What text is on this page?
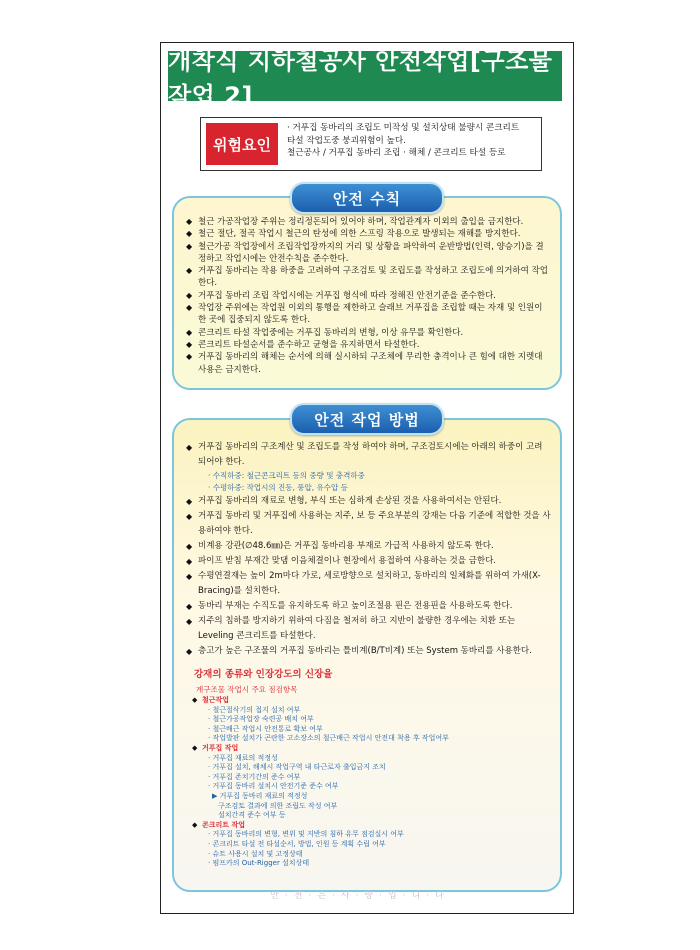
개착식 지하철공사 안전작업[구조물 작업 2]
위험요인
· 거푸집 동바리의 조립도 미작성 및 설치상태 불량시 콘크리트
타설 작업도중 붕괴위험이 높다.
철근공사 / 거푸집 동바리 조립 · 해체 / 콘크리트 타설 등로
◆ 철근 가공작업장 주위는 정리정돈되어 있어야 하며, 작업관계자 이외의 출입을 금지한다.
◆ 철근 절단, 절곡 작업시 철근의 탄성에 의한 스프링 작용으로 발생되는 재해를 방지한다.
◆ 철근가공 작업장에서 조립작업장까지의 거리 및 상황을 파악하여 운반방법(인력, 양승기)을 결정하고 작업시에는 안전수칙을 준수한다.
◆ 거푸집 동바리는 작용 하중을 고려하여 구조검토 및 조립도를 작성하고 조립도에 의거하여 작업한다.
◆ 거푸집 동바리 조립 작업시에는 거푸집 형식에 따라 정해진 안전기준을 준수한다.
◆ 작업장 주위에는 작업원 이외의 통행을 제한하고 슬래브 거푸집을 조립할 때는 자재 및 인원이 한 곳에 집중되지 않도록 한다.
◆ 콘크리트 타설 작업중에는 거푸집 동바리의 변형, 이상 유무를 확인한다.
◆ 콘크리트 타설순서를 준수하고 균형을 유지하면서 타설한다.
◆ 거푸집 동바리의 해체는 순서에 의해 실시하되 구조체에 무리한 충격이나 큰 힘에 대한 지렛대 사용은 금지한다.
안전 수칙
◆ 거푸집 동바리의 구조계산 및 조립도를 작성 하여야 하며, 구조검토시에는 아래의 하중이 고려 되어야 한다.
· 수직하중: 철근콘크리트 등의 중량 및 충격하중
· 수평하중: 작업시의 진동, 풍압, 유수압 등
◆ 거푸집 동바리의 재료로 변형, 부식 또는 심하게 손상된 것을 사용하여서는 안된다.
◆ 거푸집 동바리 및 거푸집에 사용하는 지주, 보 등 주요부분의 강재는 다음 기준에 적합한 것을 사용하여야 한다.
◆ 비계용 강관(∅48.6㎜)은 거푸집 동바리용 부재로 가급적 사용하지 않도록 한다.
◆ 파이프 받침 부재간 맞댐 이음체결이나 현장에서 용접하여 사용하는 것을 금한다.
◆ 수평연결재는 높이 2m마다 가로, 세로방향으로 설치하고, 동바리의 일체화를 위하여 가새(X-Bracing)를 설치한다.
◆ 동바리 부재는 수직도를 유지하도록 하고 높이조절용 핀은 전용핀을 사용하도록 한다.
◆ 지주의 침하를 방지하기 위하여 다짐을 철저히 하고 지반이 불량한 경우에는 치환 또는 Leveling 콘크리트를 타설한다.
◆ 층고가 높은 구조물의 거푸집 동바리는 틀비계(B/T비계) 또는 System 동바리를 사용한다.
강재의 종류와 인장강도의 신장율
계구조물 작업시 주요 점검항목
◆ 철근작업
· 철근절삭기의 접지 설치 여부
· 철근가공작업장 숙련공 배치 여부
· 철근배근 작업시 안전통로 확보 여부
· 작업발판 설치가 곤란한 고소장소의 철근배근 작업시 안전대 착용 후 작업여부
◆ 거푸집 작업
· 거푸집 재료의 적정성
· 거푸집 설치, 해체시 작업구역 내 타근로자 출입금지 조치
· 거푸집 존치기간의 준수 여부
· 거푸집 동바리 설치시 안전기준 준수 여부
▶ 거푸집 동바리 재료의 적정성
구조검토 결과에 의한 조립도 작성 여부
설치간격 준수 여부 등
◆ 콘크리트 작업
· 거푸집 동바리의 변형, 변위 및 지반의 침하 유무 점검실시 여부
· 콘크리트 타설 전 타설순서, 방법, 인원 등 계획 수립 여부
· 슈트 사용시 설치 및 고정상태
· 펌프카의 Out-Rigger 설치상태
안전 작업 방법
안·전·은·사·랑·입·니·다
